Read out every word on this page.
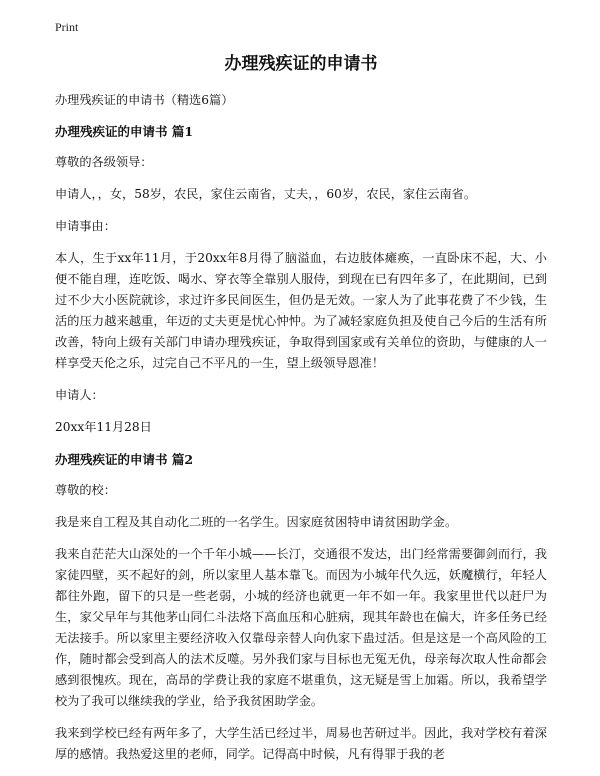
Print
办理残疾证的申请书

办理残疾证的申请书（精选6篇）

办理残疾证的申请书 篇1

尊敬的各级领导：

申请人，，女，58岁，农民，家住云南省，丈夫，，60岁，农民，家住云南省。

申请事由：

本人，生于xx年11月，于20xx年8月得了脑溢血，右边肢体瘫痪，一直卧床不起，大、小便不能自理，连吃饭、喝水、穿衣等全靠别人服侍，到现在已有四年多了，在此期间，已到过不少大小医院就诊，求过许多民间医生，但仍是无效。一家人为了此事花费了不少钱，生活的压力越来越重，年迈的丈夫更是忧心忡忡。为了减轻家庭负担及使自己今后的生活有所改善，特向上级有关部门申请办理残疾证，争取得到国家或有关单位的资助，与健康的人一样享受天伦之乐，过完自己不平凡的一生，望上级领导恩准！

申请人：

20xx年11月28日

办理残疾证的申请书 篇2

尊敬的校：

我是来自工程及其自动化二班的一名学生。因家庭贫困特申请贫困助学金。

我来自茫茫大山深处的一个千年小城——长汀，交通很不发达，出门经常需要御剑而行，我家徒四壁，买不起好的剑，所以家里人基本靠飞。而因为小城年代久远，妖魔横行，年轻人都往外跑，留下的只是一些老弱，小城的经济也就更一年不如一年。我家里世代以赶尸为生，家父早年与其他茅山同仁斗法烙下高血压和心脏病，现其年龄也在偏大，许多任务已经无法接手。所以家里主要经济收入仅靠母亲替人向仇家下蛊过活。但是这是一个高风险的工作，随时都会受到高人的法术反噬。另外我们家与目标也无冤无仇，母亲每次取人性命都会感到很愧疚。现在，高昂的学费让我的家庭不堪重负，这无疑是雪上加霜。所以，我希望学校为了我可以继续我的学业，给予我贫困助学金。

我来到学校已经有两年多了，大学生活已经过半，周易也苦研过半。因此，我对学校有着深厚的感情。我热爱这里的老师，同学。记得高中时候，凡有得罪于我的老
